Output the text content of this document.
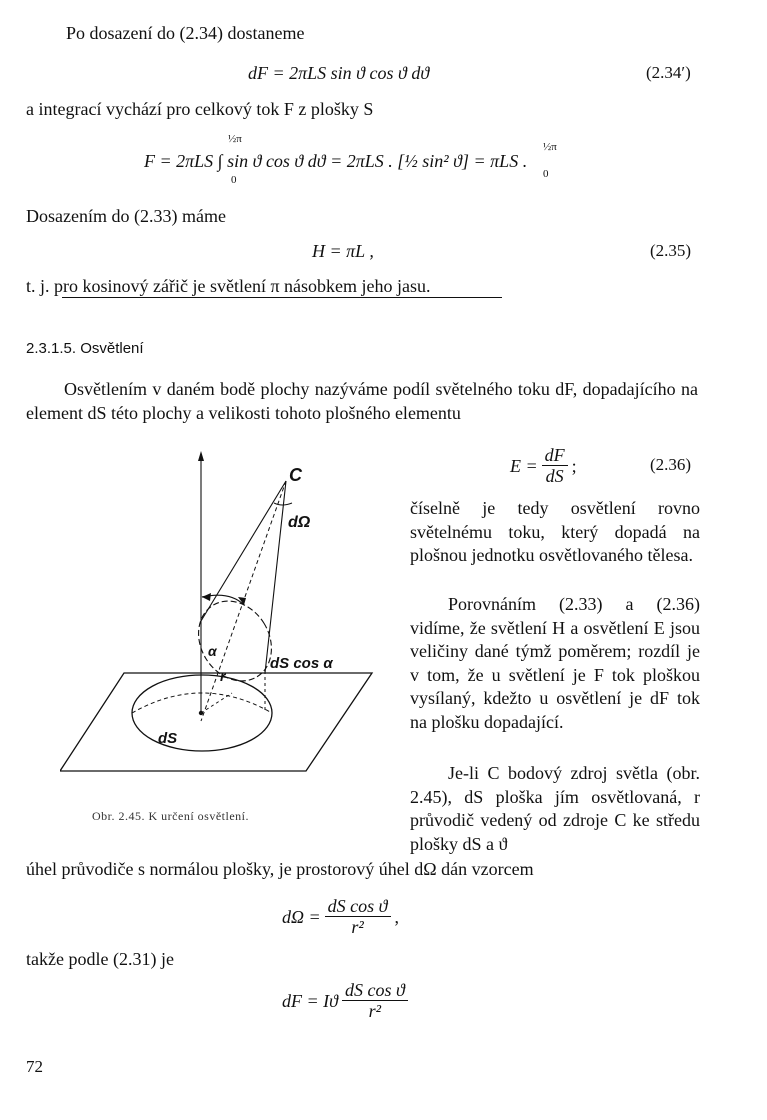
Po dosazení do (2.34) dostaneme
dF = 2πLS sin ϑ cos ϑ dϑ	(2.34′)
a integrací vychází pro celkový tok F z plošky S
½π
F = 2πLS ∫ sin ϑ cos ϑ dϑ = 2πLS . [½ sin² ϑ] = πLS .
0
½π
0
Dosazením do (2.33) máme
H = πL ,	(2.35)
t. j. pro kosinový zářič je světlení π násobkem jeho jasu.
2.3.1.5. Osvětlení
Osvětlením v daném bodě plochy nazýváme podíl světelného toku dF, dopadajícího na element dS této plochy a velikosti tohoto plošného elementu
$E = \frac{dF}{dS}$ ;	(2.36)
číselně je tedy osvětlení rovno světelnému toku, který dopadá na plošnou jednotku osvětlovaného tělesa.
Porovnáním (2.33) a (2.36) vidíme, že světlení H a osvětlení E jsou veličiny dané týmž poměrem; rozdíl je v tom, že u světlení je F tok ploškou vysílaný, kdežto u osvětlení je dF tok na plošku dopadající.
Je-li C bodový zdroj světla (obr. 2.45), dS ploška jím osvětlovaná, r průvodič vedený od zdroje C ke středu plošky dS a ϑ
C
dΩ
α
r
dS cos α
dS
Obr. 2.45. K určení osvětlení.
úhel průvodiče s normálou plošky, je prostorový úhel dΩ dán vzorcem
$d\Omega = \frac{\text{dS cos ϑ}}{\text{r²}}$ ,
takže podle (2.31) je
dF = Iϑ $\frac{\text{dS cos ϑ}}{\text{r²}}$
72
